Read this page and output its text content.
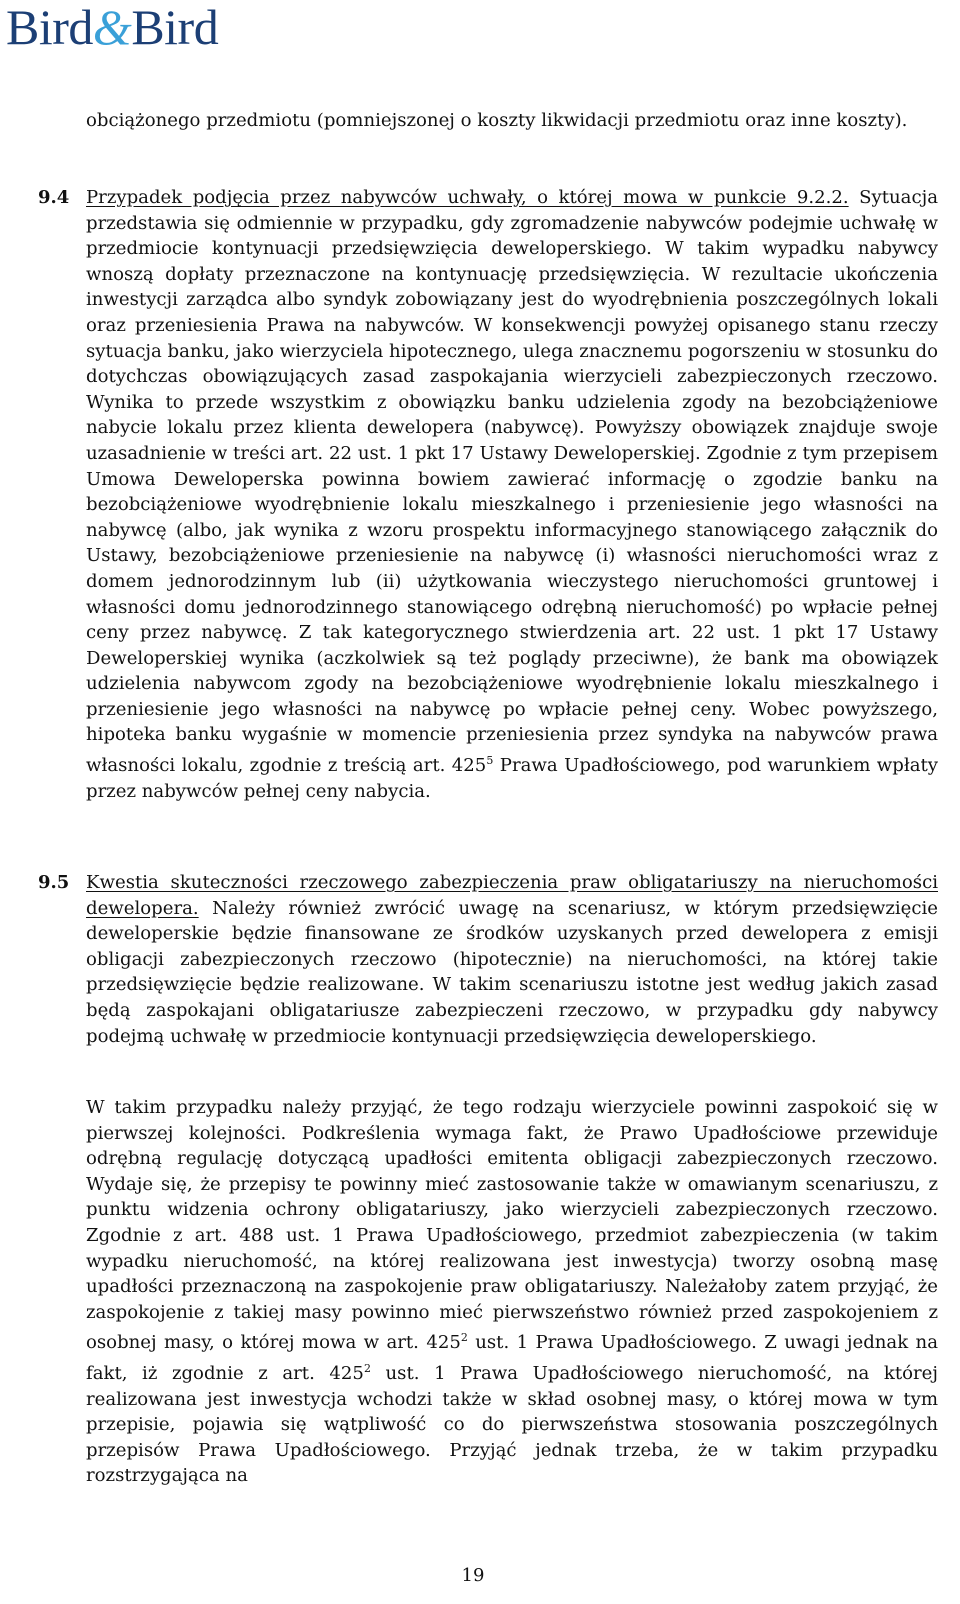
Bird&Bird
obciążonego przedmiotu (pomniejszonej o koszty likwidacji przedmiotu oraz inne koszty).
9.4 Przypadek podjęcia przez nabywców uchwały, o której mowa w punkcie 9.2.2. Sytuacja przedstawia się odmiennie w przypadku, gdy zgromadzenie nabywców podejmie uchwałę w przedmiocie kontynuacji przedsięwzięcia deweloperskiego. W takim wypadku nabywcy wnoszą dopłaty przeznaczone na kontynuację przedsięwzięcia. W rezultacie ukończenia inwestycji zarządca albo syndyk zobowiązany jest do wyodrębnienia poszczególnych lokali oraz przeniesienia Prawa na nabywców. W konsekwencji powyżej opisanego stanu rzeczy sytuacja banku, jako wierzyciela hipotecznego, ulega znacznemu pogorszeniu w stosunku do dotychczas obowiązujących zasad zaspokajania wierzycieli zabezpieczonych rzeczowo. Wynika to przede wszystkim z obowiązku banku udzielenia zgody na bezobciążeniowe nabycie lokalu przez klienta dewelopera (nabywcę). Powyższy obowiązek znajduje swoje uzasadnienie w treści art. 22 ust. 1 pkt 17 Ustawy Deweloperskiej. Zgodnie z tym przepisem Umowa Deweloperska powinna bowiem zawierać informację o zgodzie banku na bezobciążeniowe wyodrębnienie lokalu mieszkalnego i przeniesienie jego własności na nabywcę (albo, jak wynika z wzoru prospektu informacyjnego stanowiącego załącznik do Ustawy, bezobciążeniowe przeniesienie na nabywcę (i) własności nieruchomości wraz z domem jednorodzinnym lub (ii) użytkowania wieczystego nieruchomości gruntowej i własności domu jednorodzinnego stanowiącego odrębną nieruchomość) po wpłacie pełnej ceny przez nabywcę. Z tak kategorycznego stwierdzenia art. 22 ust. 1 pkt 17 Ustawy Deweloperskiej wynika (aczkolwiek są też poglądy przeciwne), że bank ma obowiązek udzielenia nabywcom zgody na bezobciążeniowe wyodrębnienie lokalu mieszkalnego i przeniesienie jego własności na nabywcę po wpłacie pełnej ceny. Wobec powyższego, hipoteka banku wygaśnie w momencie przeniesienia przez syndyka na nabywców prawa własności lokalu, zgodnie z treścią art. $425^5$ Prawa Upadłościowego, pod warunkiem wpłaty przez nabywców pełnej ceny nabycia.
9.5 Kwestia skuteczności rzeczowego zabezpieczenia praw obligatariuszy na nieruchomości dewelopera. Należy również zwrócić uwagę na scenariusz, w którym przedsięwzięcie deweloperskie będzie finansowane ze środków uzyskanych przed dewelopera z emisji obligacji zabezpieczonych rzeczowo (hipotecznie) na nieruchomości, na której takie przedsięwzięcie będzie realizowane. W takim scenariuszu istotne jest według jakich zasad będą zaspokajani obligatariusze zabezpieczeni rzeczowo, w przypadku gdy nabywcy podejmą uchwałę w przedmiocie kontynuacji przedsięwzięcia deweloperskiego.
W takim przypadku należy przyjąć, że tego rodzaju wierzyciele powinni zaspokoić się w pierwszej kolejności. Podkreślenia wymaga fakt, że Prawo Upadłościowe przewiduje odrębną regulację dotyczącą upadłości emitenta obligacji zabezpieczonych rzeczowo. Wydaje się, że przepisy te powinny mieć zastosowanie także w omawianym scenariuszu, z punktu widzenia ochrony obligatariuszy, jako wierzycieli zabezpieczonych rzeczowo. Zgodnie z art. 488 ust. 1 Prawa Upadłościowego, przedmiot zabezpieczenia (w takim wypadku nieruchomość, na której realizowana jest inwestycja) tworzy osobną masę upadłości przeznaczoną na zaspokojenie praw obligatariuszy. Należałoby zatem przyjąć, że zaspokojenie z takiej masy powinno mieć pierwszeństwo również przed zaspokojeniem z osobnej masy, o której mowa w art. $425^2$ ust. 1 Prawa Upadłościowego. Z uwagi jednak na fakt, iż zgodnie z art. $425^2$ ust. 1 Prawa Upadłościowego nieruchomość, na której realizowana jest inwestycja wchodzi także w skład osobnej masy, o której mowa w tym przepisie, pojawia się wątpliwość co do pierwszeństwa stosowania poszczególnych przepisów Prawa Upadłościowego. Przyjąć jednak trzeba, że w takim przypadku rozstrzygająca na
19
